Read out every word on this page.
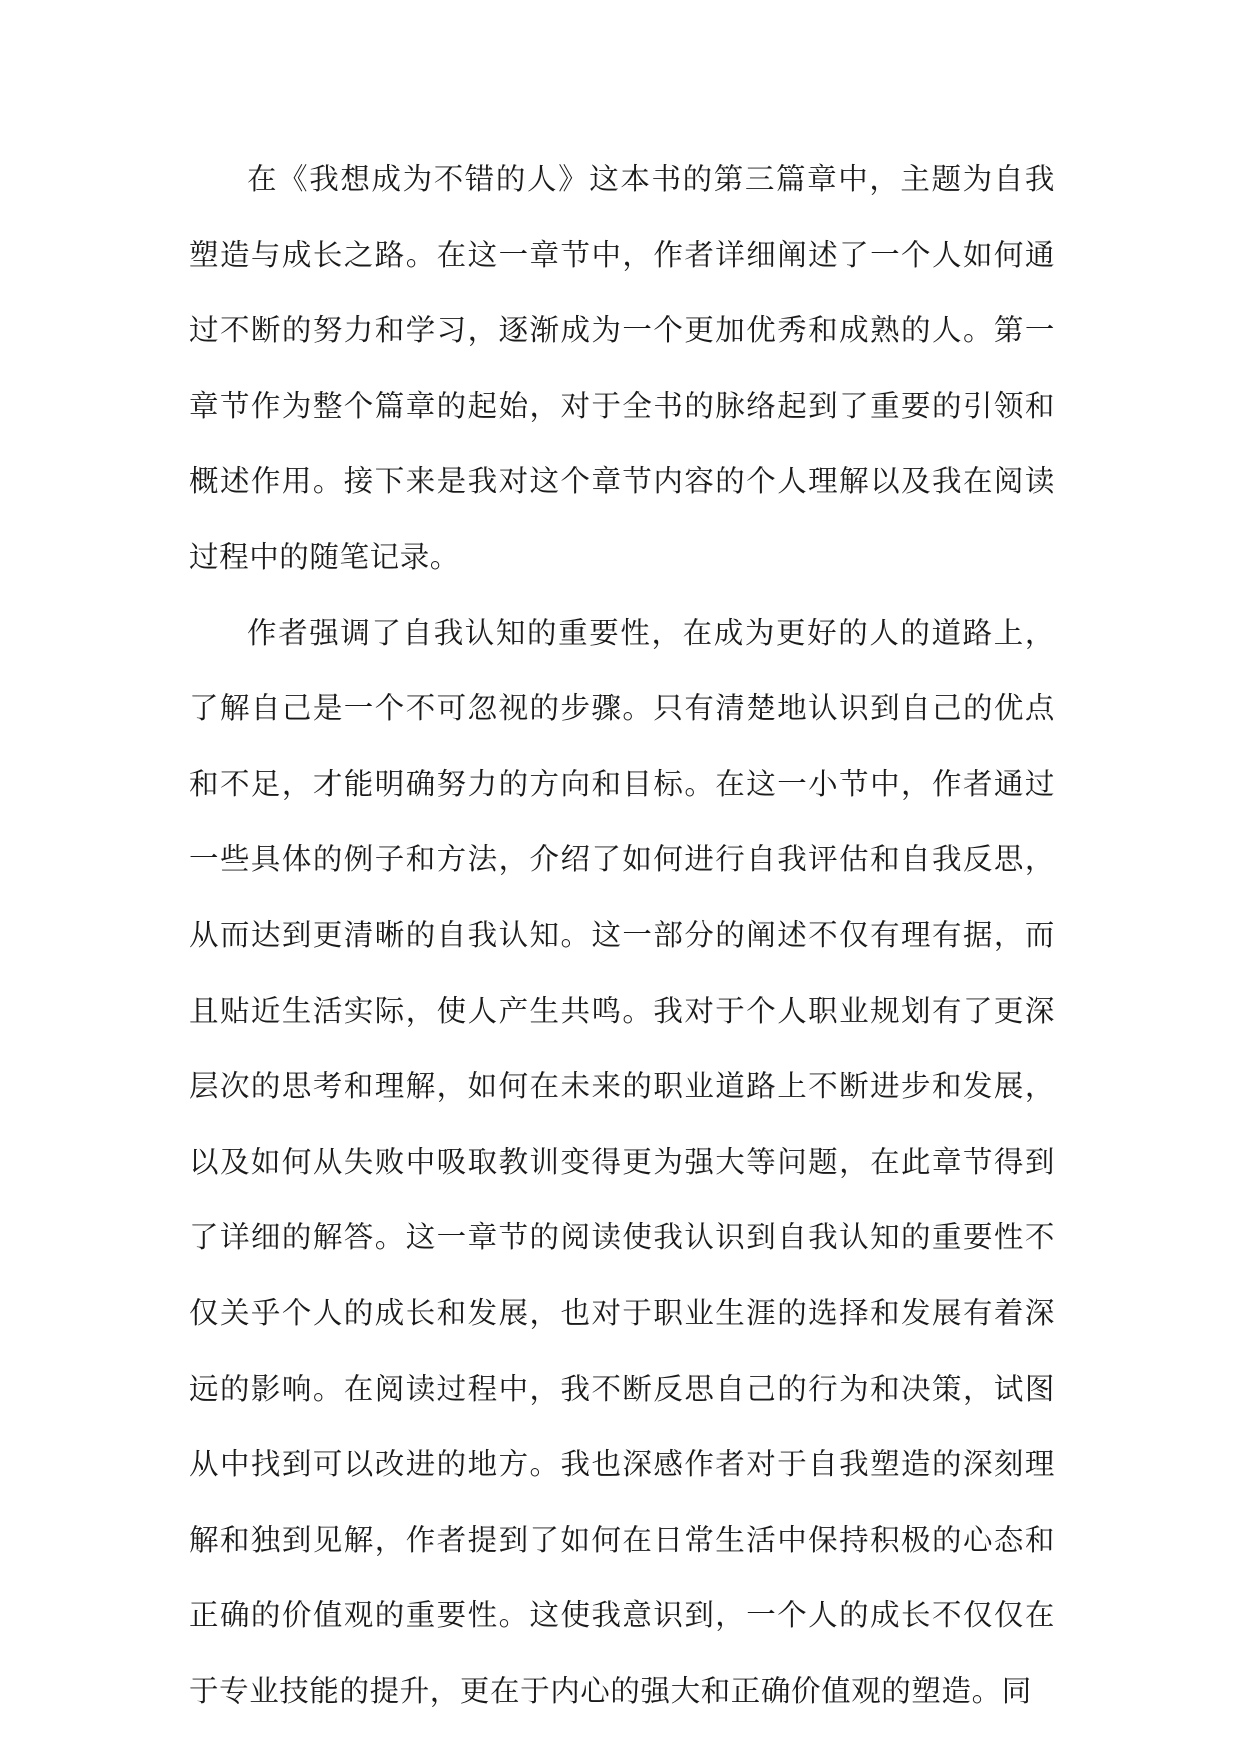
在《我想成为不错的人》这本书的第三篇章中，主题为自我塑造与成长之路。在这一章节中，作者详细阐述了一个人如何通过不断的努力和学习，逐渐成为一个更加优秀和成熟的人。第一章节作为整个篇章的起始，对于全书的脉络起到了重要的引领和概述作用。接下来是我对这个章节内容的个人理解以及我在阅读过程中的随笔记录。

作者强调了自我认知的重要性，在成为更好的人的道路上，了解自己是一个不可忽视的步骤。只有清楚地认识到自己的优点和不足，才能明确努力的方向和目标。在这一小节中，作者通过一些具体的例子和方法，介绍了如何进行自我评估和自我反思，从而达到更清晰的自我认知。这一部分的阐述不仅有理有据，而且贴近生活实际，使人产生共鸣。我对于个人职业规划有了更深层次的思考和理解，如何在未来的职业道路上不断进步和发展，以及如何从失败中吸取教训变得更为强大等问题，在此章节得到了详细的解答。这一章节的阅读使我认识到自我认知的重要性不仅关乎个人的成长和发展，也对于职业生涯的选择和发展有着深远的影响。在阅读过程中，我不断反思自己的行为和决策，试图从中找到可以改进的地方。我也深感作者对于自我塑造的深刻理解和独到见解，作者提到了如何在日常生活中保持积极的心态和正确的价值观的重要性。这使我意识到，一个人的成长不仅仅在于专业技能的提升，更在于内心的强大和正确价值观的塑造。同
